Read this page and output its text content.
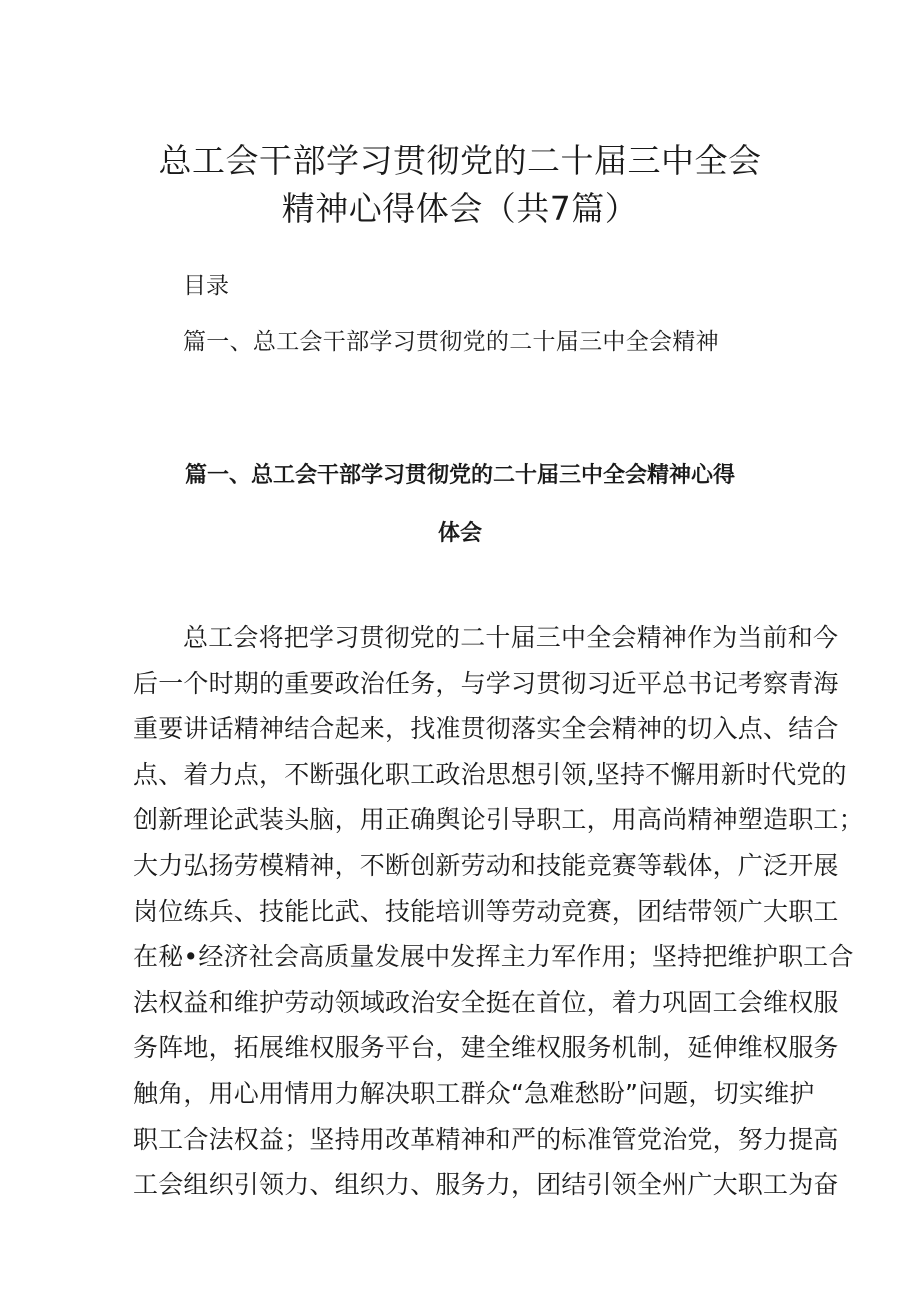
总工会干部学习贯彻党的二十届三中全会
精神心得体会（共7篇）
目录
篇一、总工会干部学习贯彻党的二十届三中全会精神
篇一、总工会干部学习贯彻党的二十届三中全会精神心得
体会
总工会将把学习贯彻党的二十届三中全会精神作为当前和今
后一个时期的重要政治任务，与学习贯彻习近平总书记考察青海
重要讲话精神结合起来，找准贯彻落实全会精神的切入点、结合
点、着力点，不断强化职工政治思想引领,坚持不懈用新时代党的
创新理论武装头脑，用正确舆论引导职工，用高尚精神塑造职工；
大力弘扬劳模精神，不断创新劳动和技能竞赛等载体，广泛开展
岗位练兵、技能比武、技能培训等劳动竞赛，团结带领广大职工
在秘•经济社会高质量发展中发挥主力军作用；坚持把维护职工合
法权益和维护劳动领域政治安全挺在首位，着力巩固工会维权服
务阵地，拓展维权服务平台，建全维权服务机制，延伸维权服务
触角，用心用情用力解决职工群众“急难愁盼”问题，切实维护
职工合法权益；坚持用改革精神和严的标准管党治党，努力提高
工会组织引领力、组织力、服务力，团结引领全州广大职工为奋
